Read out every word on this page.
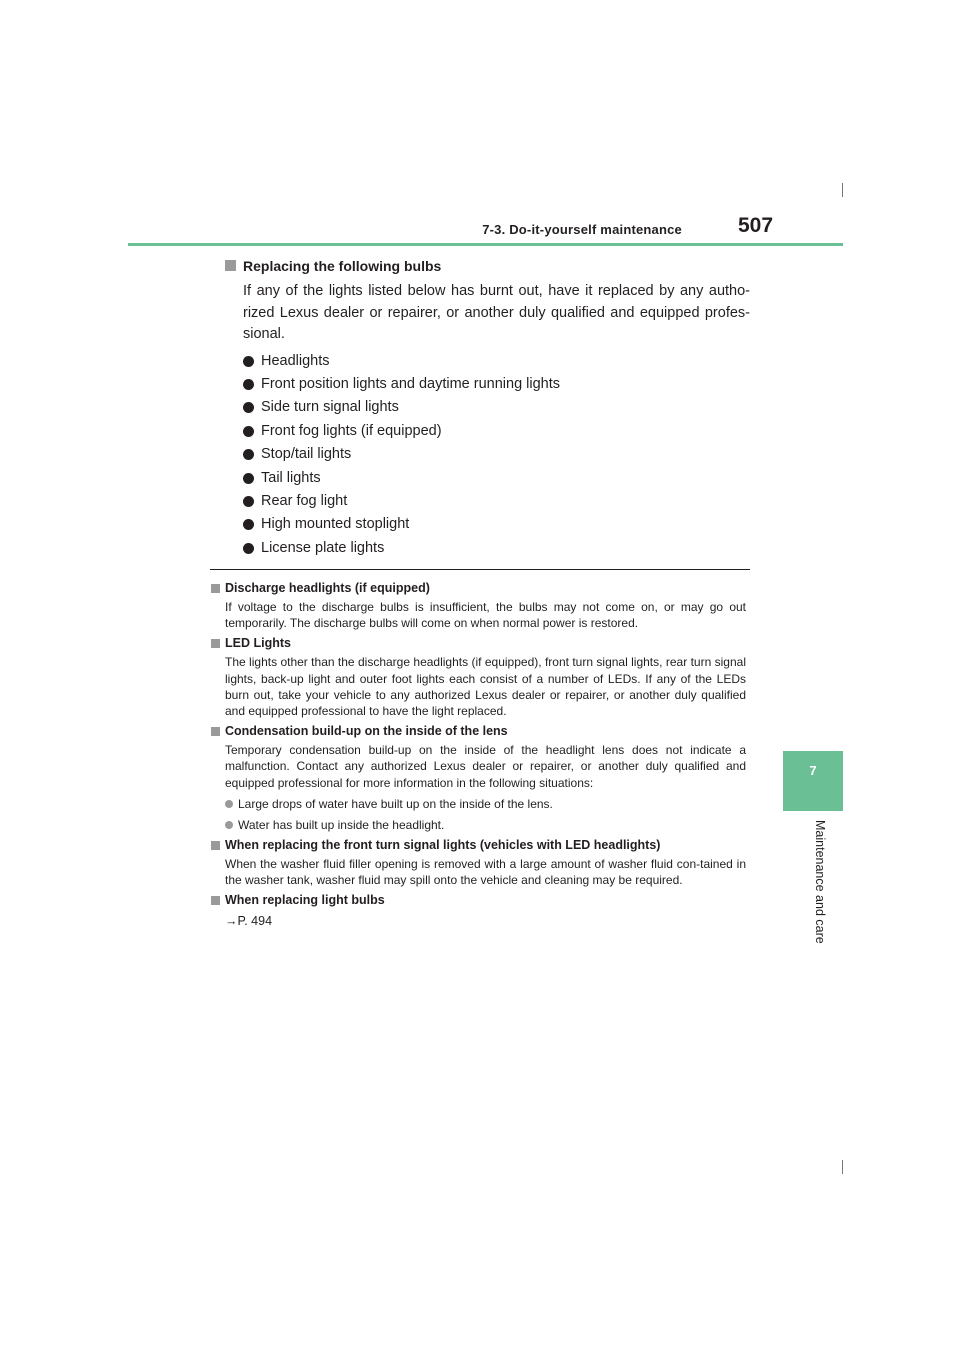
7-3. Do-it-yourself maintenance	507
7
Maintenance and care
Replacing the following bulbs

If any of the lights listed below has burnt out, have it replaced by any autho-rized Lexus dealer or repairer, or another duly qualified and equipped profes-sional.

Headlights
Front position lights and daytime running lights
Side turn signal lights
Front fog lights (if equipped)
Stop/tail lights
Tail lights
Rear fog light
High mounted stoplight
License plate lights
Discharge headlights (if equipped)

If voltage to the discharge bulbs is insufficient, the bulbs may not come on, or may go out temporarily. The discharge bulbs will come on when normal power is restored.

LED Lights

The lights other than the discharge headlights (if equipped), front turn signal lights, rear turn signal lights, back-up light and outer foot lights each consist of a number of LEDs. If any of the LEDs burn out, take your vehicle to any authorized Lexus dealer or repairer, or another duly qualified and equipped professional to have the light replaced.

Condensation build-up on the inside of the lens

Temporary condensation build-up on the inside of the headlight lens does not indicate a malfunction. Contact any authorized Lexus dealer or repairer, or another duly qualified and equipped professional for more information in the following situations:

Large drops of water have built up on the inside of the lens.
Water has built up inside the headlight.
When replacing the front turn signal lights (vehicles with LED headlights)

When the washer fluid filler opening is removed with a large amount of washer fluid con-tained in the washer tank, washer fluid may spill onto the vehicle and cleaning may be required.

When replacing light bulbs
→P. 494
